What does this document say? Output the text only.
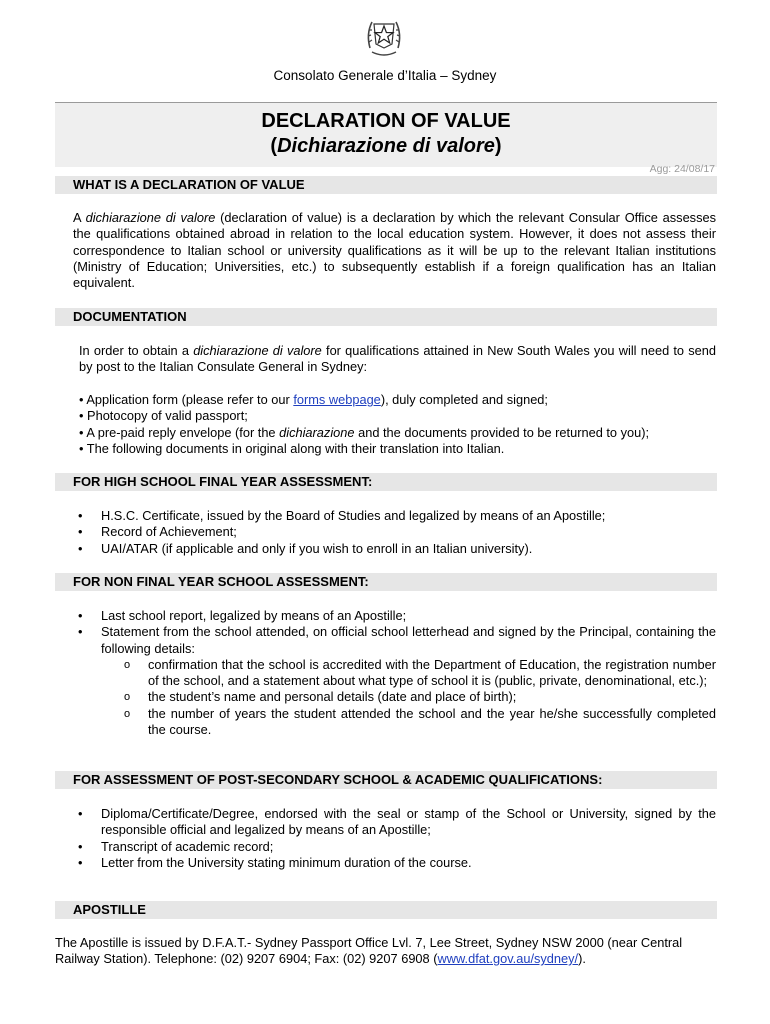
Consolato Generale d’Italia – Sydney
DECLARATION OF VALUE
(Dichiarazione di valore)
Agg: 24/08/17
WHAT IS A DECLARATION OF VALUE
A dichiarazione di valore (declaration of value) is a declaration by which the relevant Consular Office assesses the qualifications obtained abroad in relation to the local education system. However, it does not assess their correspondence to Italian school or university qualifications as it will be up to the relevant Italian institutions (Ministry of Education; Universities, etc.) to subsequently establish if a foreign qualification has an Italian equivalent.
DOCUMENTATION
In order to obtain a dichiarazione di valore for qualifications attained in New South Wales you will need to send by post to the Italian Consulate General in Sydney:
• Application form (please refer to our forms webpage), duly completed and signed;
• Photocopy of valid passport;
• A pre-paid reply envelope (for the dichiarazione and the documents provided to be returned to you);
• The following documents in original along with their translation into Italian.
FOR HIGH SCHOOL FINAL YEAR ASSESSMENT:
• H.S.C. Certificate, issued by the Board of Studies and legalized by means of an Apostille;
• Record of Achievement;
• UAI/ATAR (if applicable and only if you wish to enroll in an Italian university).
FOR NON FINAL YEAR SCHOOL ASSESSMENT:
• Last school report, legalized by means of an Apostille;
• Statement from the school attended, on official school letterhead and signed by the Principal, containing the following details:
o confirmation that the school is accredited with the Department of Education, the registration number of the school, and a statement about what type of school it is (public, private, denominational, etc.);
o the student’s name and personal details (date and place of birth);
o the number of years the student attended the school and the year he/she successfully completed the course.
FOR ASSESSMENT OF POST-SECONDARY SCHOOL & ACADEMIC QUALIFICATIONS:
• Diploma/Certificate/Degree, endorsed with the seal or stamp of the School or University, signed by the responsible official and legalized by means of an Apostille;
• Transcript of academic record;
• Letter from the University stating minimum duration of the course.
APOSTILLE
The Apostille is issued by D.F.A.T.- Sydney Passport Office Lvl. 7, Lee Street, Sydney NSW 2000 (near Central Railway Station). Telephone: (02) 9207 6904; Fax: (02) 9207 6908 (www.dfat.gov.au/sydney/).
